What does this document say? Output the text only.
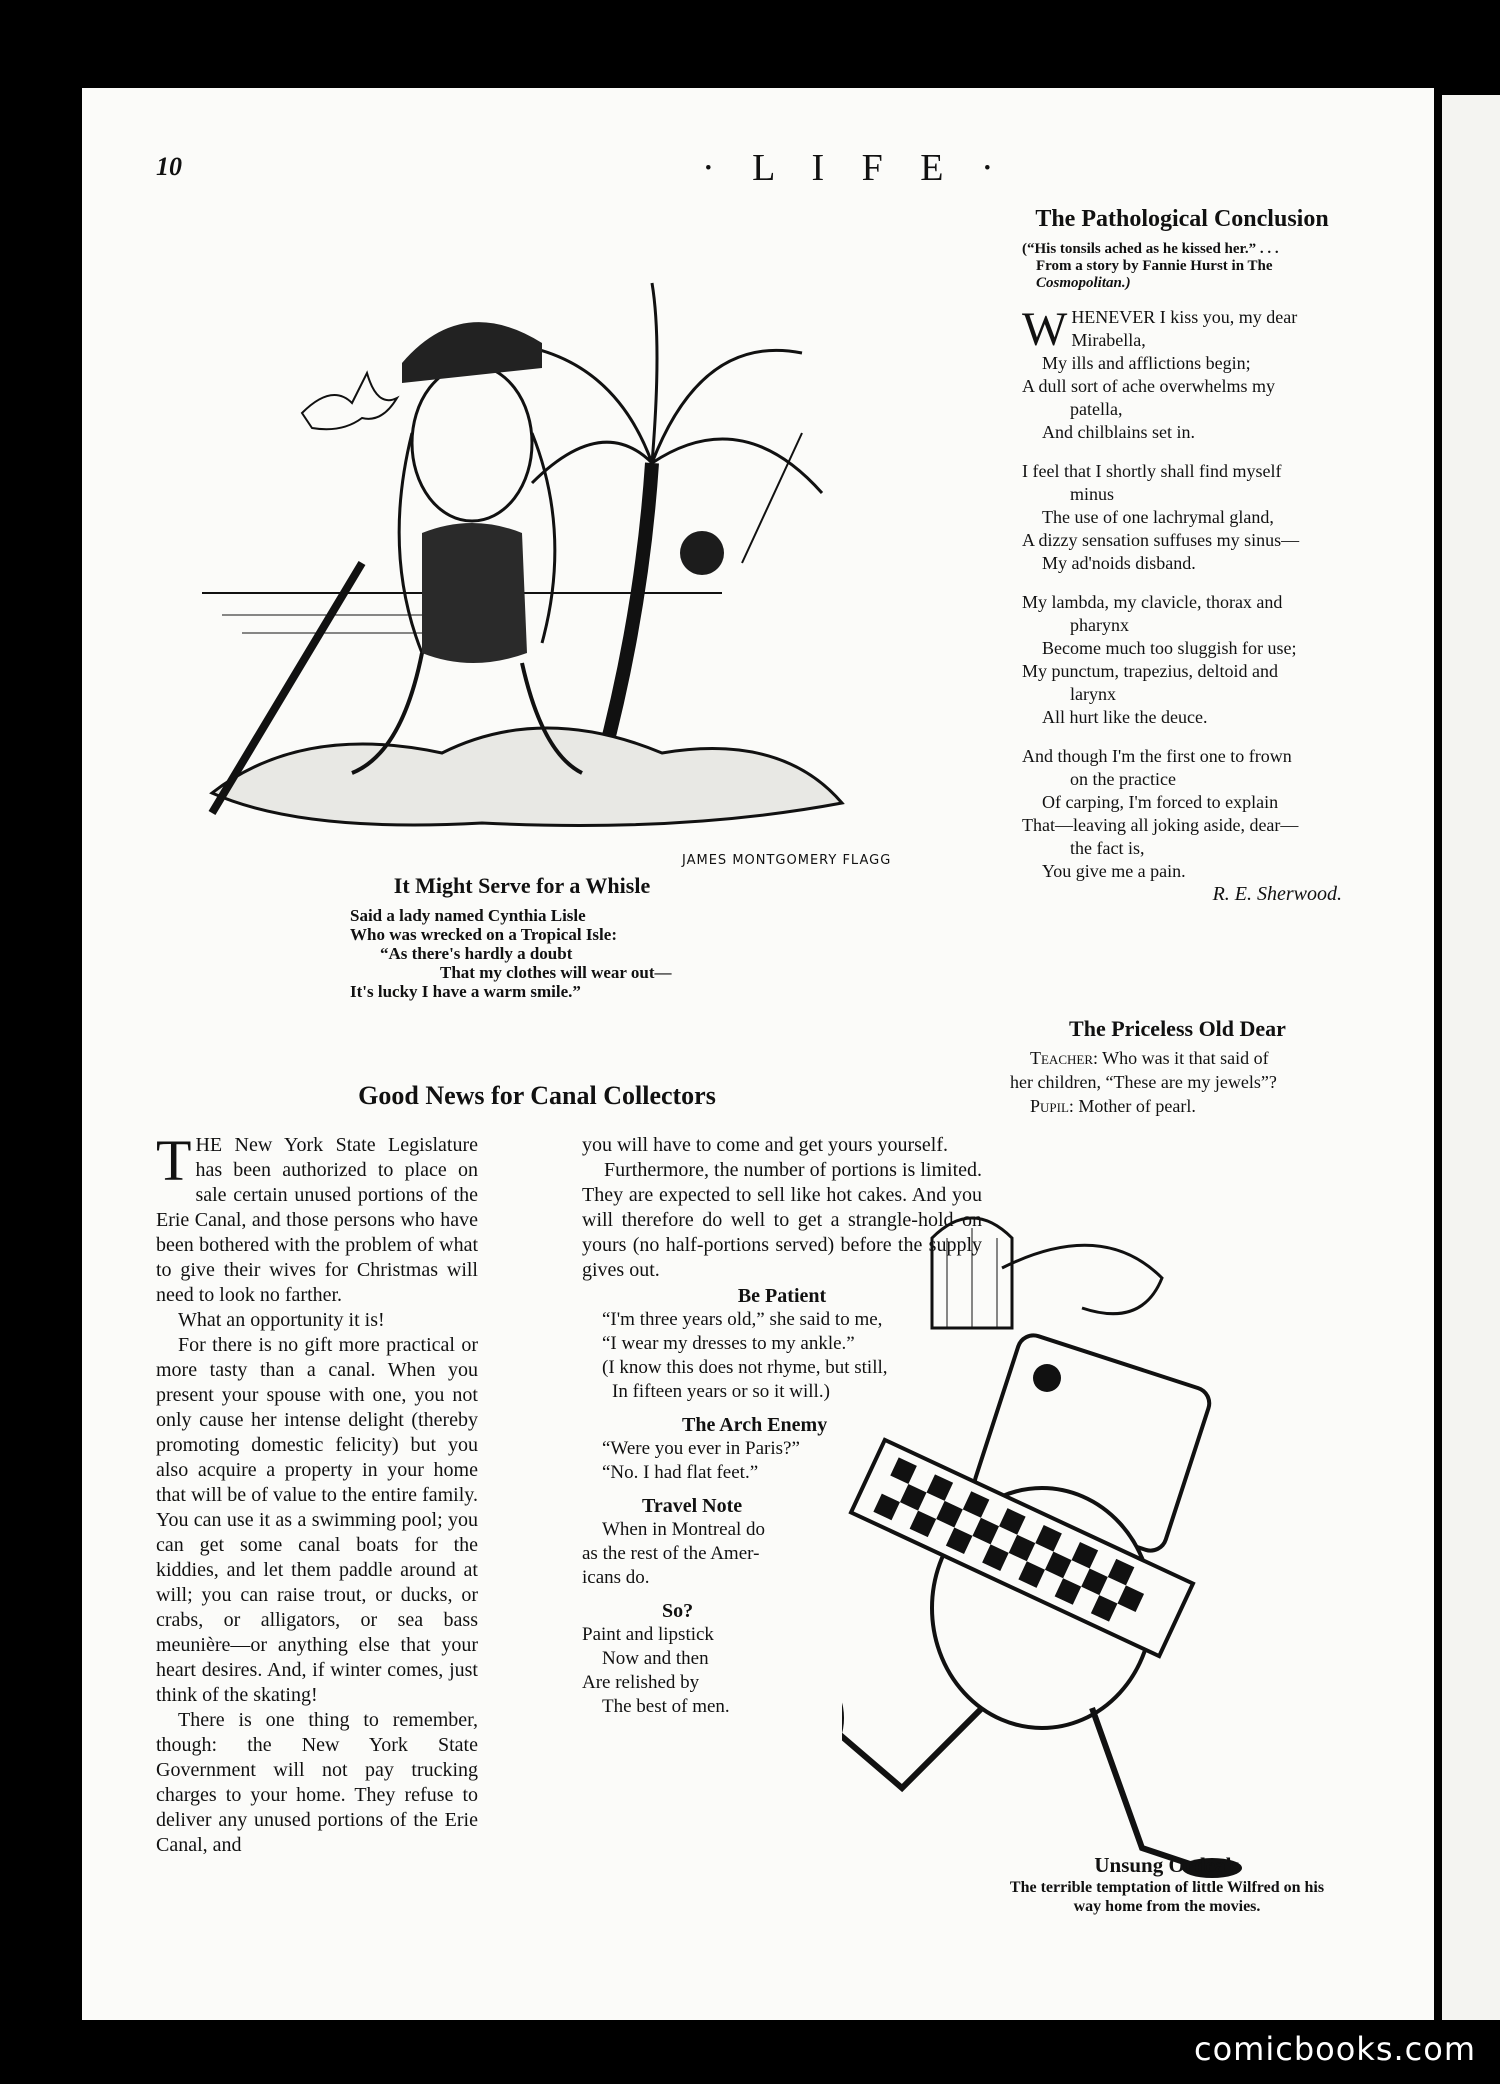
10	· L I F E ·
JAMES MONTGOMERY FLAGG
It Might Serve for a Whisle
Said a lady named Cynthia Lisle
Who was wrecked on a Tropical Isle:
“As there's hardly a doubt
That my clothes will wear out—
It's lucky I have a warm smile.”
The Pathological Conclusion
(“His tonsils ached as he kissed her.” . . .
From a story by Fannie Hurst in The
Cosmopolitan.)
WHENEVER I kiss you, my dear
Mirabella,
My ills and afflictions begin;
A dull sort of ache overwhelms my
patella,
And chilblains set in.
I feel that I shortly shall find myself
minus
The use of one lachrymal gland,
A dizzy sensation suffuses my sinus—
My ad'noids disband.
My lambda, my clavicle, thorax and
pharynx
Become much too sluggish for use;
My punctum, trapezius, deltoid and
larynx
All hurt like the deuce.
And though I'm the first one to frown
on the practice
Of carping, I'm forced to explain
That—leaving all joking aside, dear—
the fact is,
You give me a pain.
R. E. Sherwood.
The Priceless Old Dear
Teacher: Who was it that said of
her children, “These are my jewels”?
Pupil: Mother of pearl.
Good News for Canal Collectors

THE New York State Legislature has been authorized to place on sale certain unused portions of the Erie Canal, and those persons who have been bothered with the problem of what to give their wives for Christmas will need to look no farther.

What an opportunity it is!

For there is no gift more practical or more tasty than a canal. When you present your spouse with one, you not only cause her intense delight (thereby promoting domestic felicity) but you also acquire a property in your home that will be of value to the entire family. You can use it as a swimming pool; you can get some canal boats for the kiddies, and let them paddle around at will; you can raise trout, or ducks, or crabs, or alligators, or sea bass meunière—or anything else that your heart desires. And, if winter comes, just think of the skating!

There is one thing to remember, though: the New York State Government will not pay trucking charges to your home. They refuse to deliver any unused portions of the Erie Canal, and

you will have to come and get yours yourself.

Furthermore, the number of portions is limited. They are expected to sell like hot cakes. And you will therefore do well to get a strangle-hold on yours (no half-portions served) before the supply gives out.

Be Patient
“I'm three years old,” she said to me,
“I wear my dresses to my ankle.”
(I know this does not rhyme, but still,
In fifteen years or so it will.)
The Arch Enemy
“Were you ever in Paris?”
“No. I had flat feet.”
Travel Note
When in Montreal do
as the rest of the Amer-
icans do.
So?
Paint and lipstick
Now and then
Are relished by
The best of men.
Unsung Ordeals
The terrible temptation of little Wilfred on his
way home from the movies.
comicbooks.com
